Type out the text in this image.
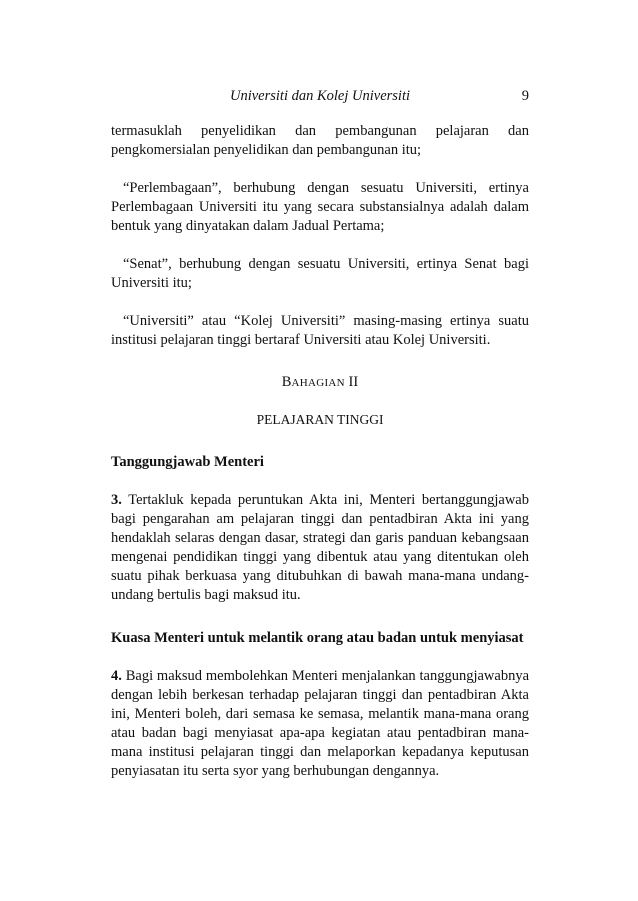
Universiti dan Kolej Universiti	9

termasuklah penyelidikan dan pembangunan pelajaran dan pengkomersialan penyelidikan dan pembangunan itu;

“Perlembagaan”, berhubung dengan sesuatu Universiti, ertinya Perlembagaan Universiti itu yang secara substansialnya adalah dalam bentuk yang dinyatakan dalam Jadual Pertama;

“Senat”, berhubung dengan sesuatu Universiti, ertinya Senat bagi Universiti itu;

“Universiti” atau “Kolej Universiti” masing-masing ertinya suatu institusi pelajaran tinggi bertaraf Universiti atau Kolej Universiti.

BAHAGIAN II
PELAJARAN TINGGI
Tanggungjawab Menteri

3. Tertakluk kepada peruntukan Akta ini, Menteri bertanggungjawab bagi pengarahan am pelajaran tinggi dan pentadbiran Akta ini yang hendaklah selaras dengan dasar, strategi dan garis panduan kebangsaan mengenai pendidikan tinggi yang dibentuk atau yang ditentukan oleh suatu pihak berkuasa yang ditubuhkan di bawah mana-mana undang-undang bertulis bagi maksud itu.

Kuasa Menteri untuk melantik orang atau badan untuk menyiasat

4. Bagi maksud membolehkan Menteri menjalankan tanggungjawabnya dengan lebih berkesan terhadap pelajaran tinggi dan pentadbiran Akta ini, Menteri boleh, dari semasa ke semasa, melantik mana-mana orang atau badan bagi menyiasat apa-apa kegiatan atau pentadbiran mana-mana institusi pelajaran tinggi dan melaporkan kepadanya keputusan penyiasatan itu serta syor yang berhubungan dengannya.
